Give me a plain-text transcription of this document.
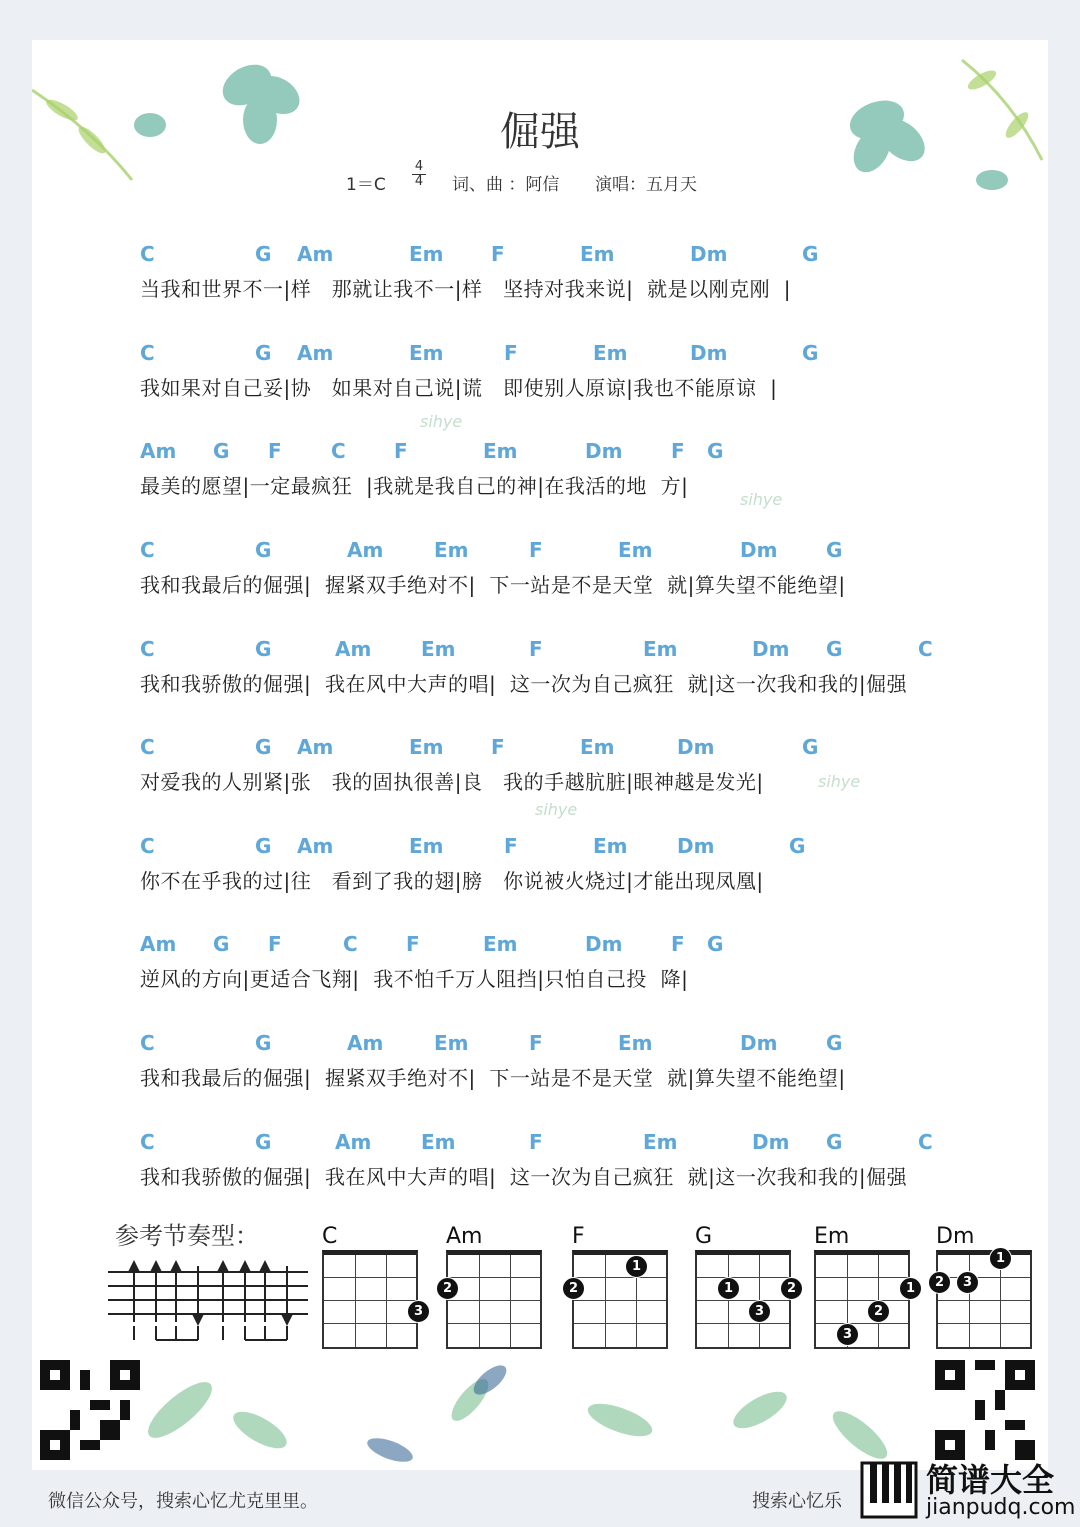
倔强
1＝C	词、曲 ：阿信 演唱：五月天
4
4
C	G Am	Em F	Em	Dm	G
当我和世界不一|样   那就让我不一|样   坚持对我来说|  就是以刚克刚  |
C	G Am	Em	F	Em	Dm	G
我如果对自己妥|协   如果对自己说|谎   即使别人原谅|我也不能原谅  |
Am G F C F	Em	Dm F G
最美的愿望|一定最疯狂  |我就是我自己的神|在我活的地  方|
C	G	Am	Em	F	Em	Dm G
我和我最后的倔强|  握紧双手绝对不|  下一站是不是天堂  就|算失望不能绝望|
C	G	Am Em	F	Em	Dm G	C
我和我骄傲的倔强|  我在风中大声的唱|  这一次为自己疯狂  就|这一次我和我的|倔强
C	G Am	Em F	Em	Dm	G
对爱我的人别紧|张   我的固执很善|良   我的手越肮脏|眼神越是发光|
C	G Am	Em	F	Em Dm	G
你不在乎我的过|往   看到了我的翅|膀   你说被火烧过|才能出现凤凰|
Am G F	C F	Em	Dm F G
逆风的方向|更适合飞翔|  我不怕千万人阻挡|只怕自己投  降|
C	G	Am	Em	F	Em	Dm G
我和我最后的倔强|  握紧双手绝对不|  下一站是不是天堂  就|算失望不能绝望|
C	G	Am Em	F	Em	Dm G	C
我和我骄傲的倔强|  我在风中大声的唱|  这一次为自己疯狂  就|这一次我和我的|倔强
sihye
sihye
sihye
sihye
参考节奏型：
3
2
1
2	1	2
3
1
2
3
1
2	3
微信公众号，搜索心忆尤克里里。	搜索心忆乐
简谱大全
jianpudq.com
